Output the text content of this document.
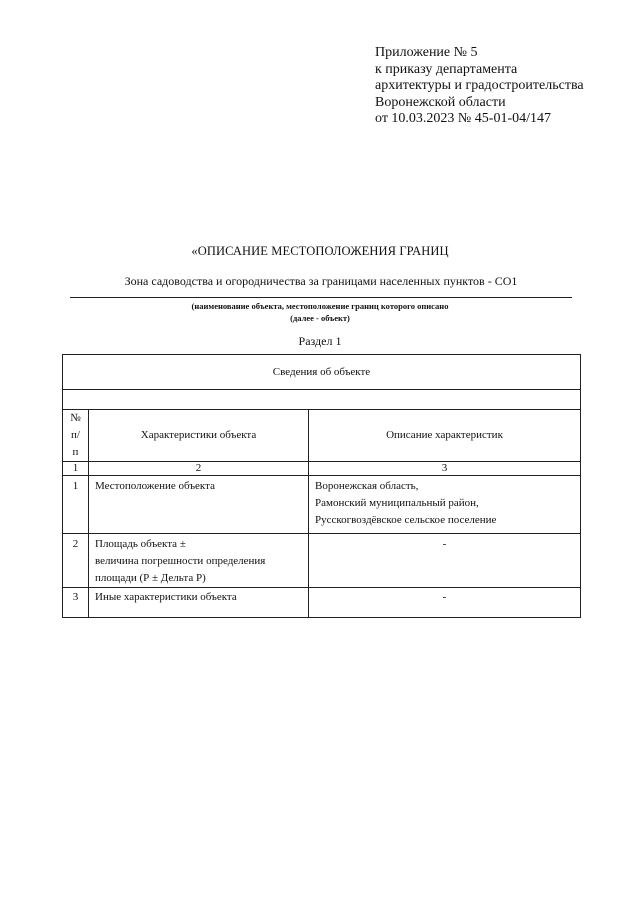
Приложение № 5
к приказу департамента
архитектуры и градостроительства
Воронежской области
от 10.03.2023 № 45-01-04/147
«ОПИСАНИЕ МЕСТОПОЛОЖЕНИЯ ГРАНИЦ
Зона садоводства и огородничества за границами населенных пунктов - СО1
(наименование объекта, местоположение границ которого описано
(далее - объект)
Раздел 1
Сведения об объекте		

№ п/п	Характеристики объекта	Описание характеристик
1	2	3
1	Местоположение объекта	Воронежская область,
Рамонский муниципальный район,
Русскогвоздёвское сельское поселение

2	Площадь объекта ±
величина погрешности определения
площади (Р ± Дельта Р)	-

3	Иные характеристики объекта	-
